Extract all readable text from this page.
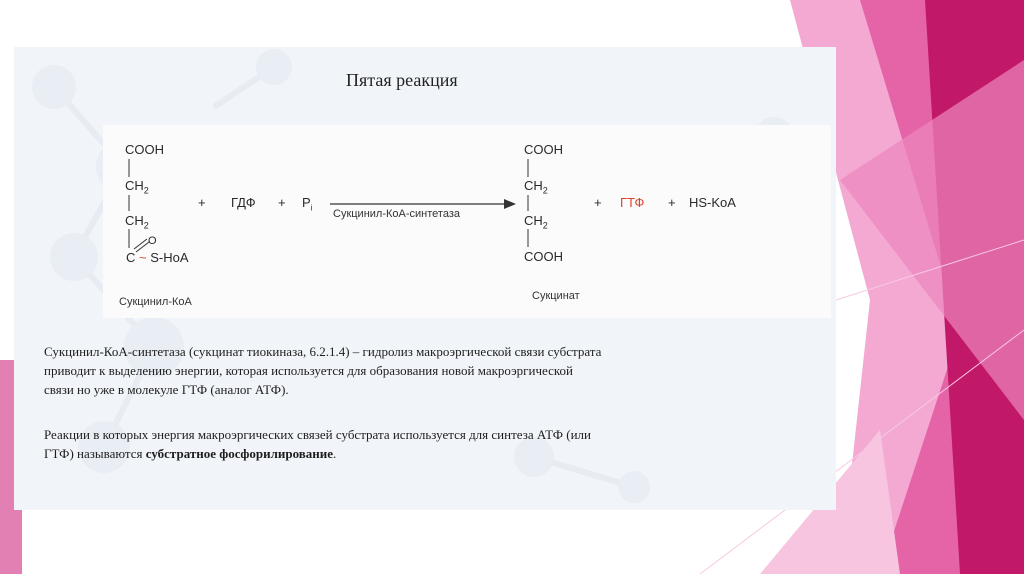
Пятая реакция
COOH
$CH_2$
$CH_2$
C ~ S-HoA
O
Сукцинил-КоА
+ ГДФ + $P_i$ Сукцинил-КоА-синтетаза
COOH
$CH_2$
$CH_2$
COOH
Сукцинат
+ ГТФ + HS-KoA
Сукцинил-КоА-синтетаза (сукцинат тиокиназа, 6.2.1.4) – гидролиз макроэргической связи субстрата
приводит к выделению энергии, которая используется для образования новой макроэргической
связи но уже в молекуле ГТФ (аналог АТФ).
Реакции в которых энергия макроэргических связей субстрата используется для синтеза АТФ (или
ГТФ) называются субстратное фосфорилирование.
